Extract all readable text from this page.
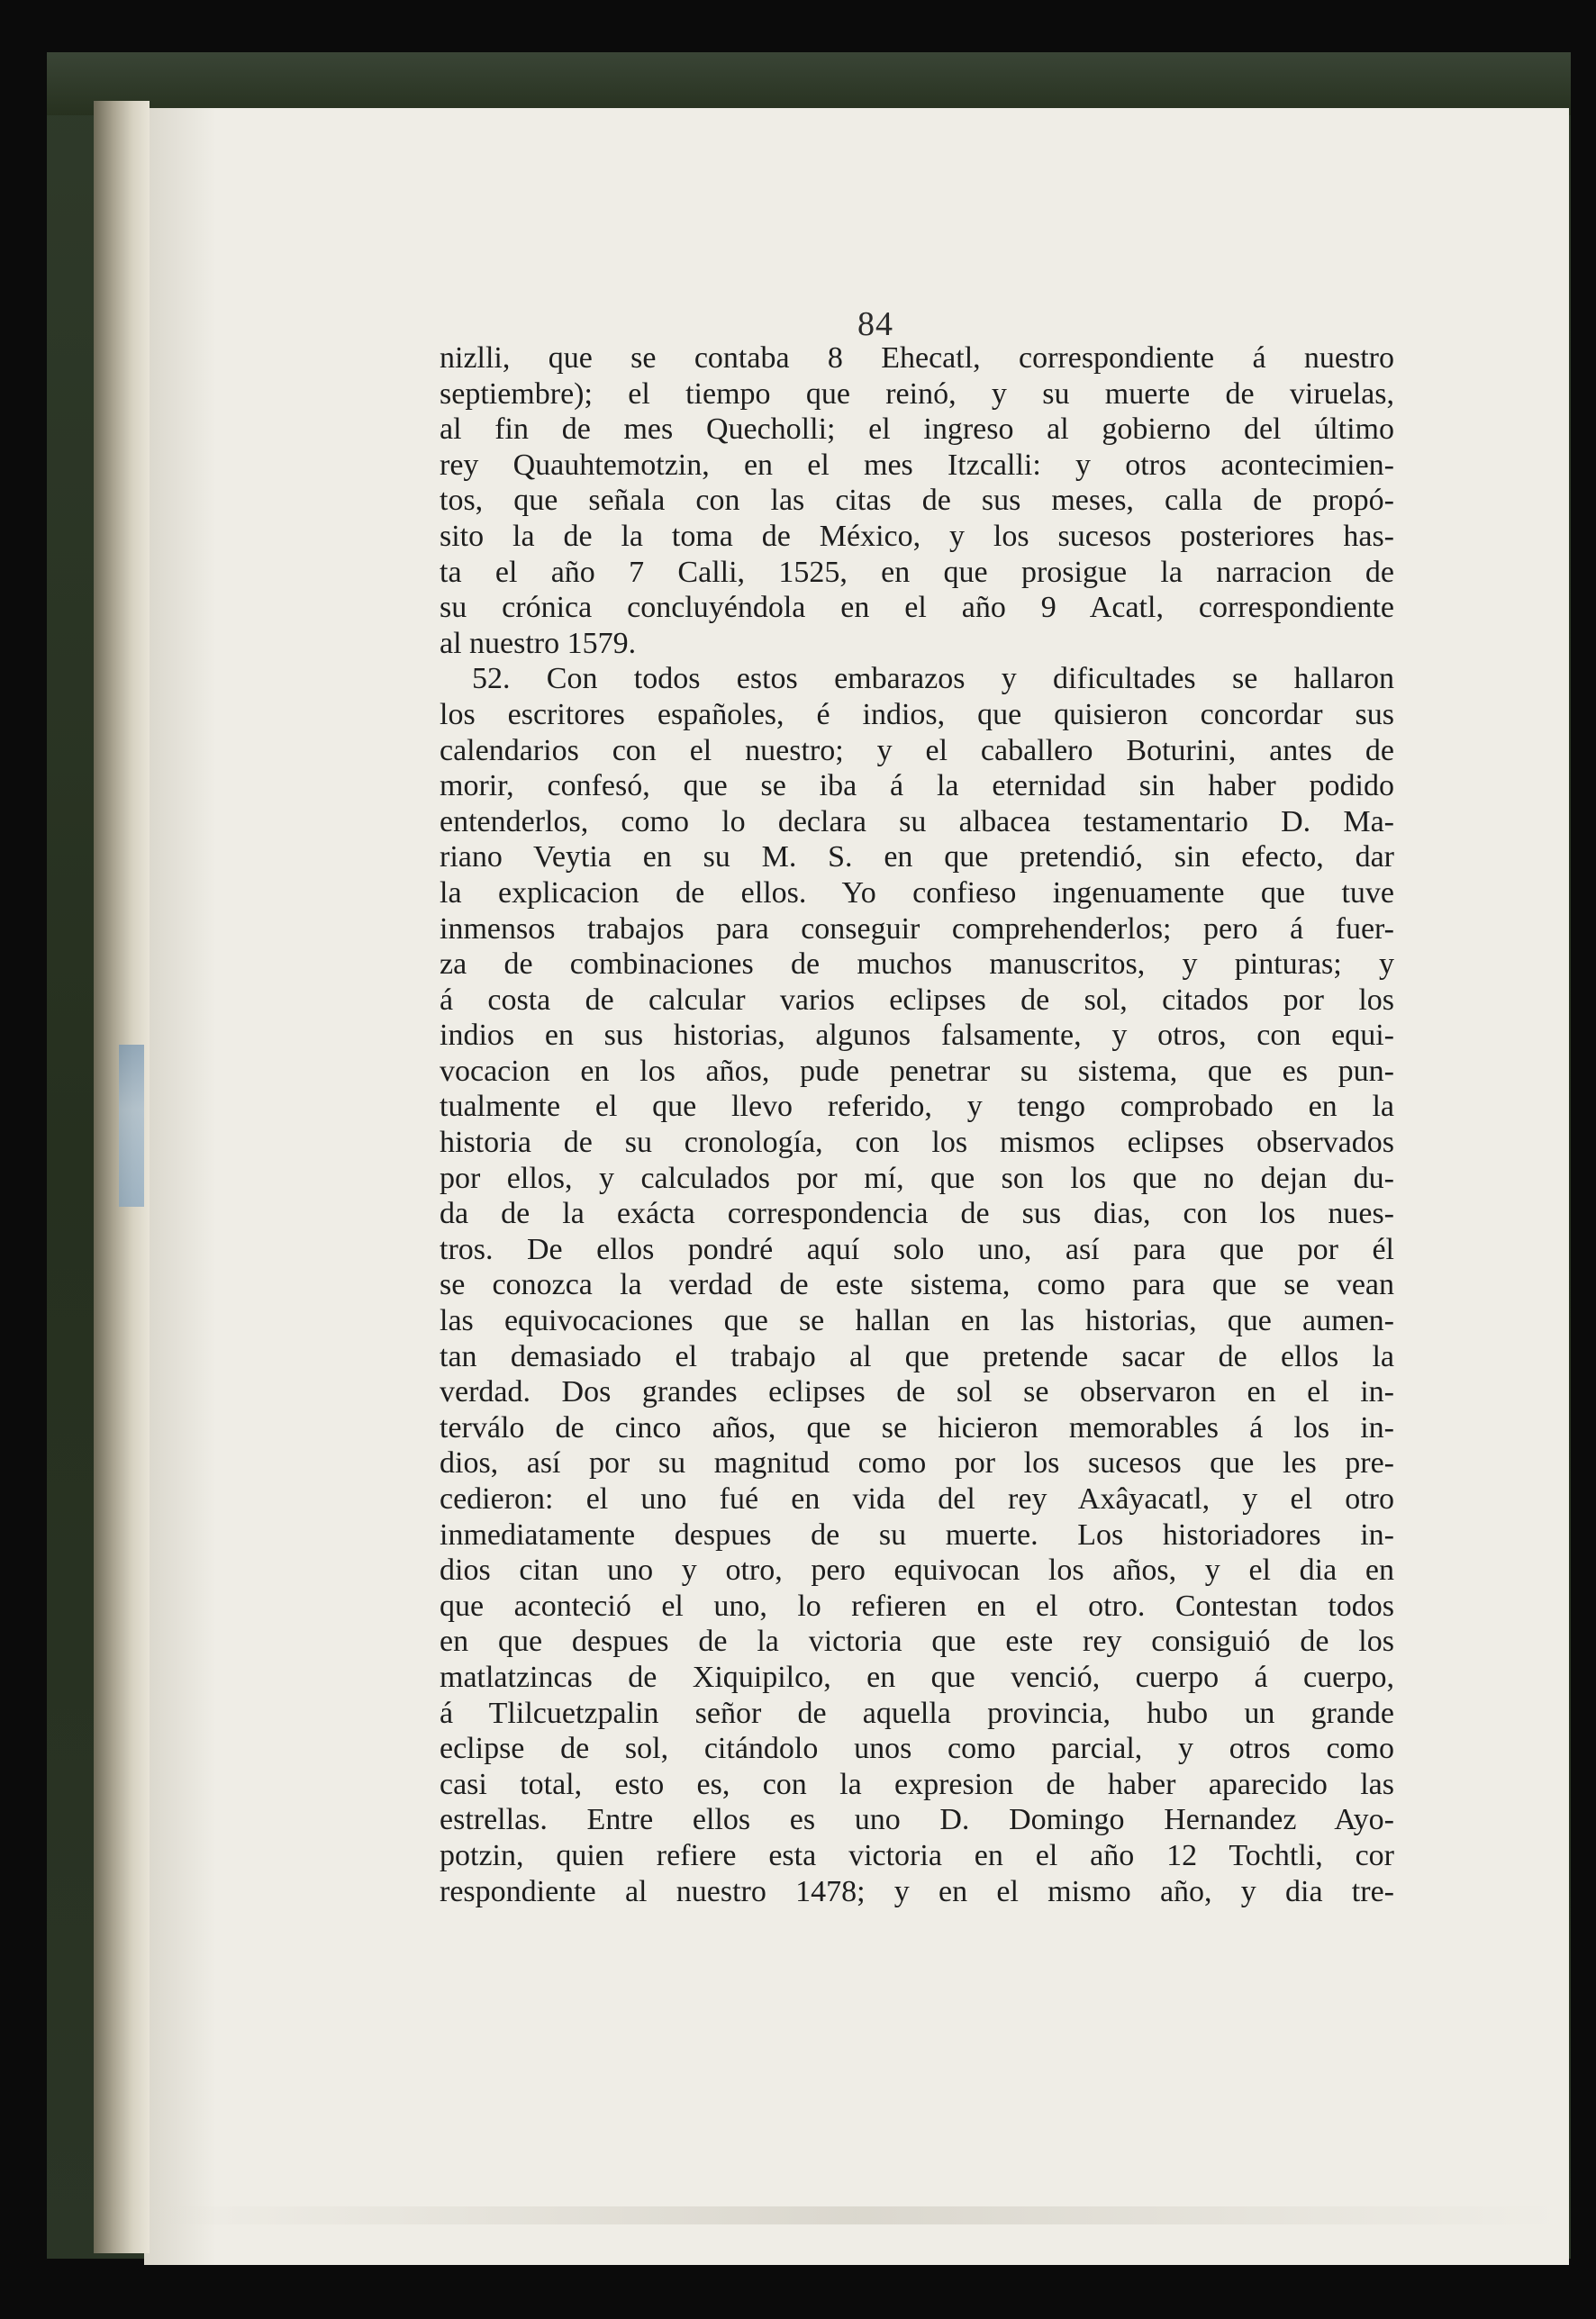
84
nizlli, que se contaba 8 Ehecatl, correspondiente á nuestro
septiembre); el tiempo que reinó, y su muerte de viruelas,
al fin de mes Quecholli; el ingreso al gobierno del último
rey Quauhtemotzin, en el mes Itzcalli: y otros acontecimien-
tos, que señala con las citas de sus meses, calla de propó-
sito la de la toma de México, y los sucesos posteriores has-
ta el año 7 Calli, 1525, en que prosigue la narracion de
su crónica concluyéndola en el año 9 Acatl, correspondiente
al nuestro 1579.
52. Con todos estos embarazos y dificultades se hallaron
los escritores españoles, é indios, que quisieron concordar sus
calendarios con el nuestro; y el caballero Boturini, antes de
morir, confesó, que se iba á la eternidad sin haber podido
entenderlos, como lo declara su albacea testamentario D. Ma-
riano Veytia en su M. S. en que pretendió, sin efecto, dar
la explicacion de ellos. Yo confieso ingenuamente que tuve
inmensos trabajos para conseguir comprehenderlos; pero á fuer-
za de combinaciones de muchos manuscritos, y pinturas; y
á costa de calcular varios eclipses de sol, citados por los
indios en sus historias, algunos falsamente, y otros, con equi-
vocacion en los años, pude penetrar su sistema, que es pun-
tualmente el que llevo referido, y tengo comprobado en la
historia de su cronología, con los mismos eclipses observados
por ellos, y calculados por mí, que son los que no dejan du-
da de la exácta correspondencia de sus dias, con los nues-
tros. De ellos pondré aquí solo uno, así para que por él
se conozca la verdad de este sistema, como para que se vean
las equivocaciones que se hallan en las historias, que aumen-
tan demasiado el trabajo al que pretende sacar de ellos la
verdad. Dos grandes eclipses de sol se observaron en el in-
terválo de cinco años, que se hicieron memorables á los in-
dios, así por su magnitud como por los sucesos que les pre-
cedieron: el uno fué en vida del rey Axâyacatl, y el otro
inmediatamente despues de su muerte. Los historiadores in-
dios citan uno y otro, pero equivocan los años, y el dia en
que aconteció el uno, lo refieren en el otro. Contestan todos
en que despues de la victoria que este rey consiguió de los
matlatzincas de Xiquipilco, en que venció, cuerpo á cuerpo,
á Tlilcuetzpalin señor de aquella provincia, hubo un grande
eclipse de sol, citándolo unos como parcial, y otros como
casi total, esto es, con la expresion de haber aparecido las
estrellas. Entre ellos es uno D. Domingo Hernandez Ayo-
potzin, quien refiere esta victoria en el año 12 Tochtli, cor
respondiente al nuestro 1478; y en el mismo año, y dia tre-
